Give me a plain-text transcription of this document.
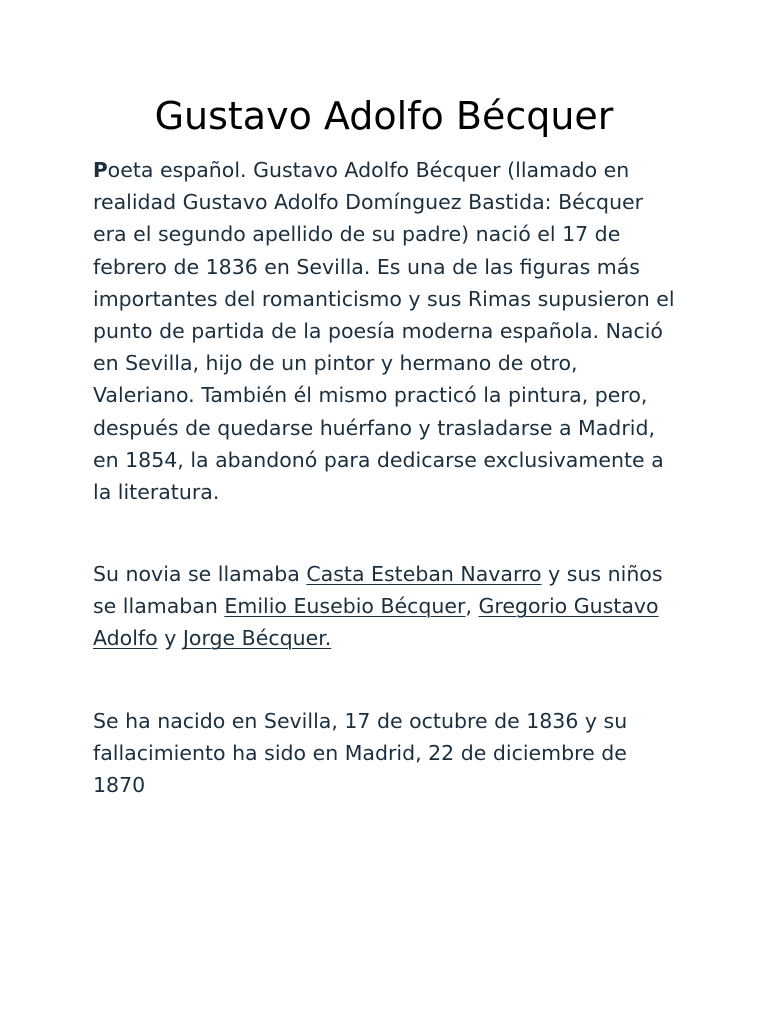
Gustavo Adolfo Bécquer

Poeta español. Gustavo Adolfo Bécquer (llamado en realidad Gustavo Adolfo Domínguez Bastida: Bécquer era el segundo apellido de su padre) nació el 17 de febrero de 1836 en Sevilla. Es una de las figuras más importantes del romanticismo y sus Rimas supusieron el punto de partida de la poesía moderna española. Nació en Sevilla, hijo de un pintor y hermano de otro, Valeriano. También él mismo practicó la pintura, pero, después de quedarse huérfano y trasladarse a Madrid, en 1854, la abandonó para dedicarse exclusivamente a la literatura.

Su novia se llamaba Casta Esteban Navarro y sus niños se llamaban Emilio Eusebio Bécquer, Gregorio Gustavo Adolfo y Jorge Bécquer.

Se ha nacido en Sevilla, 17 de octubre de 1836 y su fallacimiento ha sido en Madrid, 22 de diciembre de 1870
